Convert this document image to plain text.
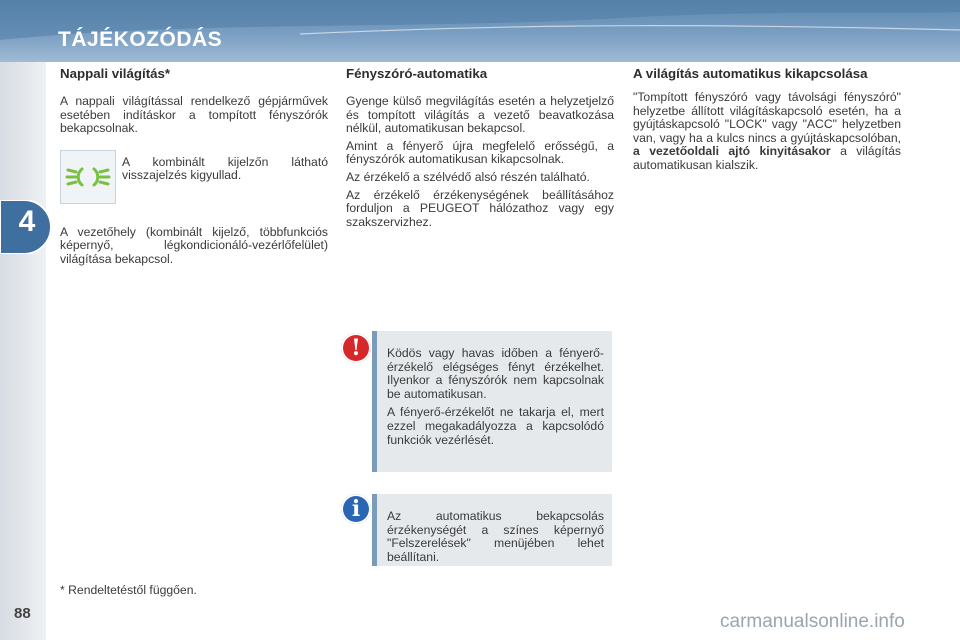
TÁJÉKOZÓDÁS
4
Nappali világítás*

A nappali világítással rendelkező gépjárművek esetében indításkor a tompított fényszórók bekapcsolnak.

A kombinált kijelzőn látható visszajelzés kigyullad.

A vezetőhely (kombinált kijelző, többfunkciós képernyő, légkondicionáló-vezérlőfelület) világítása bekapcsol.

Fényszóró-automatika

Gyenge külső megvilágítás esetén a helyzetjelző és tompított világítás a vezető beavatkozása nélkül, automatikusan bekapcsol.

Amint a fényerő újra megfelelő erősségű, a fényszórók automatikusan kikapcsolnak.

Az érzékelő a szélvédő alsó részén található.

Az érzékelő érzékenységének beállításához forduljon a PEUGEOT hálózathoz vagy egy szakszervizhez.

A világítás automatikus kikapcsolása

"Tompított fényszóró vagy távolsági fényszóró" helyzetbe állított világításkapcsoló esetén, ha a gyújtáskapcsoló "LOCK" vagy "ACC" helyzetben van, vagy ha a kulcs nincs a gyújtáskapcsolóban, a vezetőoldali ajtó kinyitásakor a világítás automatikusan kialszik.

Ködös vagy havas időben a fényerő-érzékelő elégséges fényt érzékelhet. Ilyenkor a fényszórók nem kapcsolnak be automatikusan.

A fényerő-érzékelőt ne takarja el, mert ezzel megakadályozza a kapcsolódó funkciók vezérlését.

!

Az automatikus bekapcsolás érzékenységét a színes képernyő "Felszerelések" menüjében lehet beállítani.

i
* Rendeltetéstől függően.
88	carmanualsonline.info
